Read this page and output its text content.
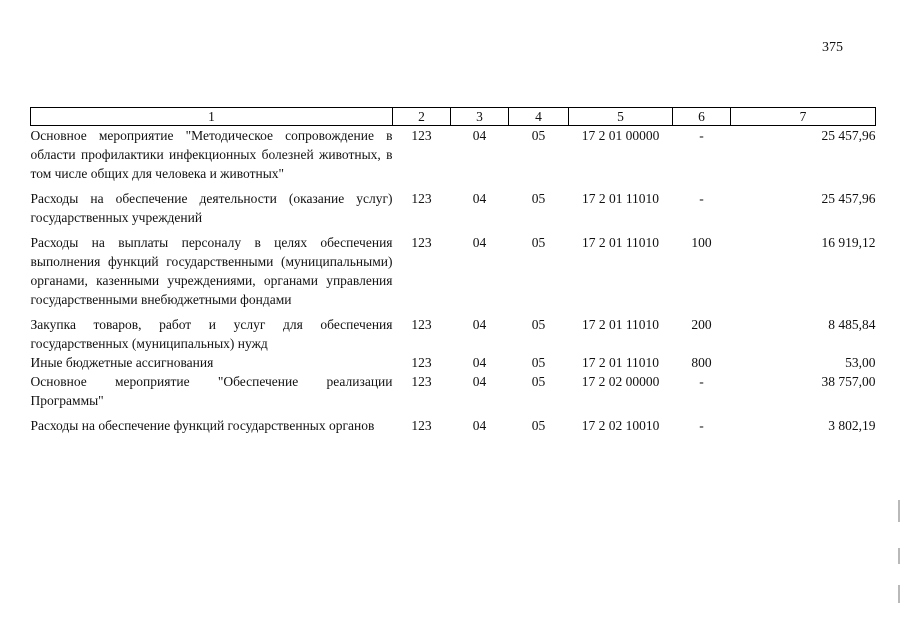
375
1	2	3	4	5	6	7
Основное мероприятие "Методическое сопровождение в области профилактики инфекционных болезней животных, в том числе общих для человека и животных"	123	04	05	17 2 01 00000	-	25 457,96
Расходы на обеспечение деятельности (оказание услуг) государственных учреждений	123	04	05	17 2 01 11010	-	25 457,96
Расходы на выплаты персоналу в целях обеспечения выполнения функций государственными (муниципальными) органами, казенными учреждениями, органами управления государственными внебюджетными фондами	123	04	05	17 2 01 11010	100	16 919,12
Закупка товаров, работ и услуг для обеспечения государственных (муниципальных) нужд	123	04	05	17 2 01 11010	200	8 485,84
Иные бюджетные ассигнования	123	04	05	17 2 01 11010	800	53,00
Основное мероприятие "Обеспечение реализации Программы"	123	04	05	17 2 02 00000	-	38 757,00
Расходы на обеспечение функций государственных органов	123	04	05	17 2 02 10010	-	3 802,19
